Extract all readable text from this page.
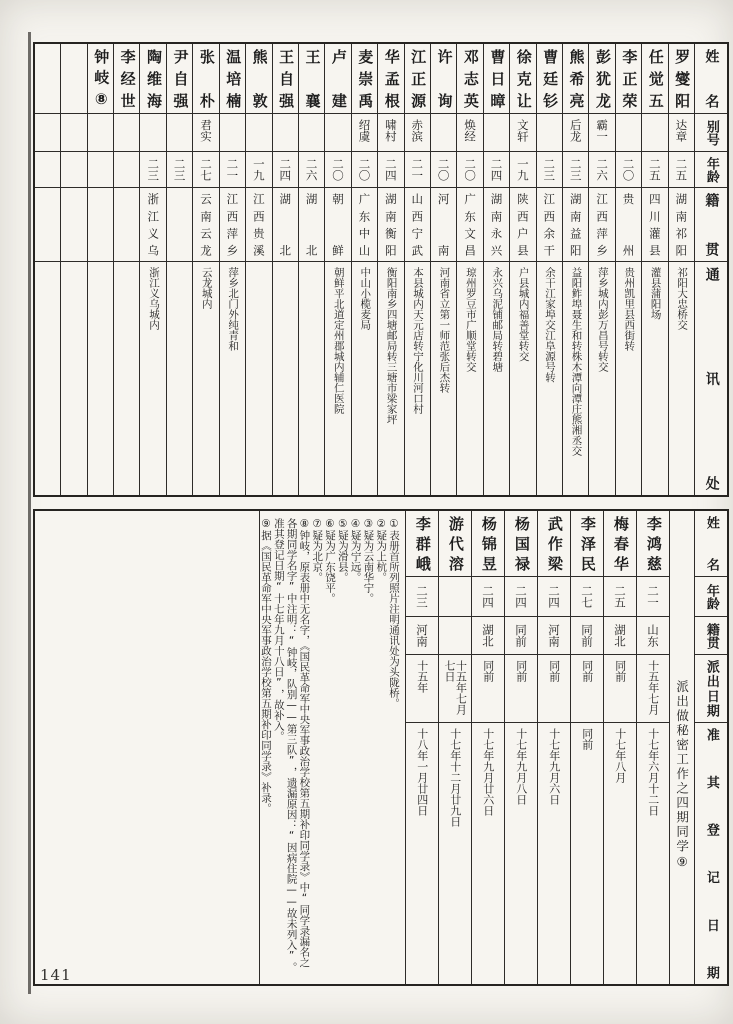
姓名
别号
年龄
籍贯
通讯处
罗燮阳
达章
二五
湖南祁阳
祁阳大忠桥交
任觉五
二五
四川灌县
灌县蒲阳场
李正荣
二〇
贵州
贵州凯里县西街转
彭犹龙
霸一
二六
江西萍乡
萍乡城内彭万昌号转交
熊希亮
后龙
二三
湖南益阳
益阳鲊埠聂生和转株木潭向潭庄熊湘丞交
曹廷钐
二三
江西余干
余干江家埠交江阜源号转
徐克让
文轩
一九
陕西户县
户县城内福善堂转交
曹日暲
二四
湖南永兴
永兴乌泥铺邮局转碧塘
邓志英
焕经
二〇
广东文昌
琼州罗豆市广顺堂转交
许询
二〇
河南
河南省立第一师范张后杰转
江正源
赤滨
二一
山西宁武
本县城内天元店转宁化川河口村
华孟根
啸村
二四
湖南衡阳
衡阳南乡四塘邮局转三塘市梁家坪
麦崇禹
绍虞
二〇
广东中山
中山小榄麦局
卢建
二〇
朝鲜
朝鲜平北道定州郡城内辅仁医院
王襄
二六
湖北
王自强
二四
湖北
熊敦
一九
江西贵溪
温培楠
二一
江西萍乡
萍乡北门外纯青和
张朴
君实
二七
云南云龙
云龙城内
尹自强
二三
陶维海
二三
浙江义乌
浙江义乌城内
李经世
钟岐⑧
姓名
年龄
籍贯
派出日期
准其登记日期
派出做秘密工作之四期同学⑨
李鸿慈
二一
山东
十五年七月
十七年六月十二日
梅春华
二五
湖北
同前
十七年八月
李泽民
二七
同前
同前
同前
武作梁
二四
河南
同前
十七年九月六日
杨国禄
二四
同前
同前
十七年九月八日
杨锦昱
二四
湖北
同前
十七年九月廿六日
游代溶
十五年七月七日
十七年十二月廿九日
李群峨
二三
河南
十五年
十八年一月廿四日
①表册首所列照片注明通讯处为头陇桥。
②疑为上杭。
③疑为云南华宁。
④疑为宁远。
⑤疑为滑县。
⑥疑为广东饶平。
⑦疑为北京。
⑧钟岐，原表册中无名字，《国民革命军中央军事政治学校第五期补印同学录》中“同学录漏名之各期同学名字”中注明：“钟岐，队别——第三队”，遗漏原因：“因病住院——故未列入”。准其登记日期“十七年九月十八日”，故补入。
⑨据《国民革命军中央军事政治学校第五期补印同学录》补录。
141
